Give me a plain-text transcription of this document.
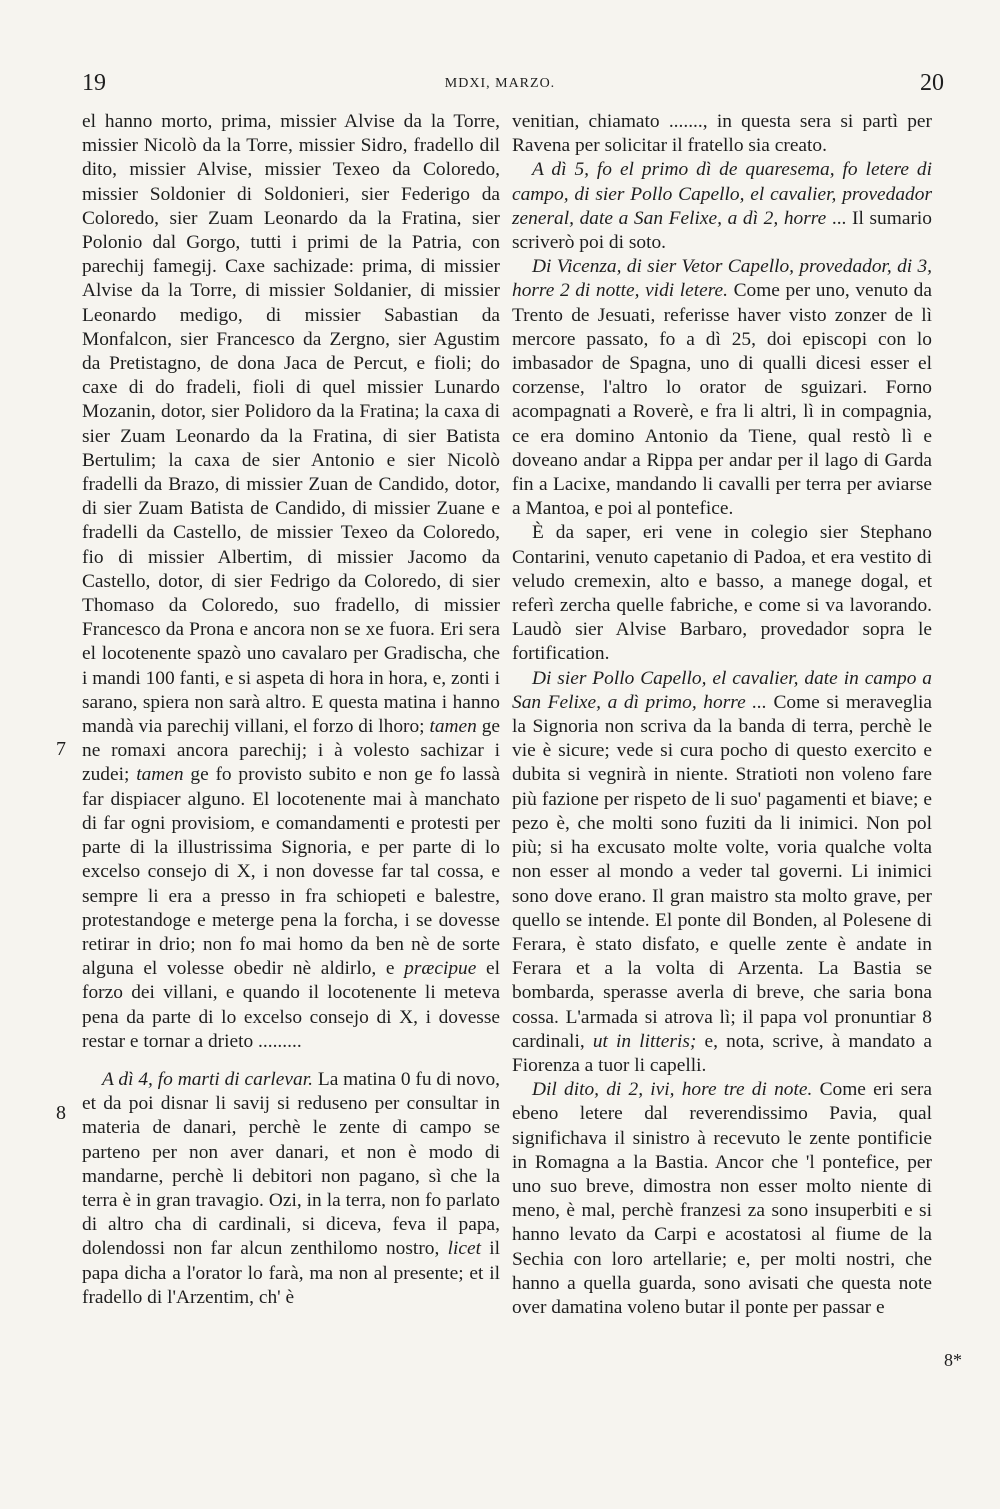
19	MDXI, MARZO.	20
7
8
8*

el hanno morto, prima, missier Alvise da la Torre, missier Nicolò da la Torre, missier Sidro, fradello dil dito, missier Alvise, missier Texeo da Coloredo, missier Soldonier di Soldonieri, sier Federigo da Coloredo, sier Zuam Leonardo da la Fratina, sier Polonio dal Gorgo, tutti i primi de la Patria, con parechij famegij. Caxe sachizade: prima, di missier Alvise da la Torre, di missier Soldanier, di missier Leonardo medigo, di missier Sabastian da Monfalcon, sier Francesco da Zergno, sier Agustim da Pretistagno, de dona Jaca de Percut, e fioli; do caxe di do fradeli, fioli di quel missier Lunardo Mozanin, dotor, sier Polidoro da la Fratina; la caxa di sier Zuam Leonardo da la Fratina, di sier Batista Bertulim; la caxa de sier Antonio e sier Nicolò fradelli da Brazo, di missier Zuan de Candido, dotor, di sier Zuam Batista de Candido, di missier Zuane e fradelli da Castello, de missier Texeo da Coloredo, fio di missier Albertim, di missier Jacomo da Castello, dotor, di sier Fedrigo da Coloredo, di sier Thomaso da Coloredo, suo fradello, di missier Francesco da Prona e ancora non se xe fuora. Eri sera el locotenente spazò uno cavalaro per Gradischa, che i mandi 100 fanti, e si aspeta di hora in hora, e, zonti i sarano, spiera non sarà altro. E questa matina i hanno mandà via parechij villani, el forzo di lhoro; tamen ge ne romaxi ancora parechij; i à volesto sachizar i zudei; tamen ge fo provisto subito e non ge fo lassà far dispiacer alguno. El locotenente mai à manchato di far ogni provisiom, e comandamenti e protesti per parte di la illustrissima Signoria, e per parte di lo excelso consejo di X, i non dovesse far tal cossa, e sempre li era a presso in fra schiopeti e balestre, protestandoge e meterge pena la forcha, i se dovesse retirar in drio; non fo mai homo da ben nè de sorte alguna el volesse obedir nè aldirlo, e præcipue el forzo dei villani, e quando il locotenente li meteva pena da parte di lo excelso consejo di X, i dovesse restar e tornar a drieto .........

A dì 4, fo marti di carlevar. La matina 0 fu di novo, et da poi disnar li savij si reduseno per consultar in materia de danari, perchè le zente di campo se parteno per non aver danari, et non è modo di mandarne, perchè li debitori non pagano, sì che la terra è in gran travagio. Ozi, in la terra, non fo parlato di altro cha di cardinali, si diceva, feva il papa, dolendossi non far alcun zenthilomo nostro, licet il papa dicha a l'orator lo farà, ma non al presente; et il fradello di l'Arzentim, ch' è

venitian, chiamato ......., in questa sera si partì per Ravena per solicitar il fratello sia creato.

A dì 5, fo el primo dì de quaresema, fo letere di campo, di sier Pollo Capello, el cavalier, provedador zeneral, date a San Felixe, a dì 2, horre ... Il sumario scriverò poi di soto.

Di Vicenza, di sier Vetor Capello, provedador, di 3, horre 2 di notte, vidi letere. Come per uno, venuto da Trento de Jesuati, referisse haver visto zonzer de lì mercore passato, fo a dì 25, doi episcopi con lo imbasador de Spagna, uno di qualli dicesi esser el corzense, l'altro lo orator de sguizari. Forno acompagnati a Roverè, e fra li altri, lì in compagnia, ce era domino Antonio da Tiene, qual restò lì e doveano andar a Rippa per andar per il lago di Garda fin a Lacixe, mandando li cavalli per terra per aviarse a Mantoa, e poi al pontefice.

È da saper, eri vene in colegio sier Stephano Contarini, venuto capetanio di Padoa, et era vestito di veludo cremexin, alto e basso, a manege dogal, et referì zercha quelle fabriche, e come si va lavorando. Laudò sier Alvise Barbaro, provedador sopra le fortification.

Di sier Pollo Capello, el cavalier, date in campo a San Felixe, a dì primo, horre ... Come si meraveglia la Signoria non scriva da la banda di terra, perchè le vie è sicure; vede si cura pocho di questo exercito e dubita si vegnirà in niente. Stratioti non voleno fare più fazione per rispeto de li suo' pagamenti et biave; e pezo è, che molti sono fuziti da li inimici. Non pol più; si ha excusato molte volte, voria qualche volta non esser al mondo a veder tal governi. Li inimici sono dove erano. Il gran maistro sta molto grave, per quello se intende. El ponte dil Bonden, al Polesene di Ferara, è stato disfato, e quelle zente è andate in Ferara et a la volta di Arzenta. La Bastia se bombarda, sperasse averla di breve, che saria bona cossa. L'armada si atrova lì; il papa vol pronuntiar 8 cardinali, ut in litteris; e, nota, scrive, à mandato a Fiorenza a tuor li capelli.

Dil dito, di 2, ivi, hore tre di note. Come eri sera ebeno letere dal reverendissimo Pavia, qual significhava il sinistro à recevuto le zente pontificie in Romagna a la Bastia. Ancor che 'l pontefice, per uno suo breve, dimostra non esser molto niente di meno, è mal, perchè franzesi za sono insuperbiti e si hanno levato da Carpi e acostatosi al fiume de la Sechia con loro artellarie; e, per molti nostri, che hanno a quella guarda, sono avisati che questa note over damatina voleno butar il ponte per passar e
